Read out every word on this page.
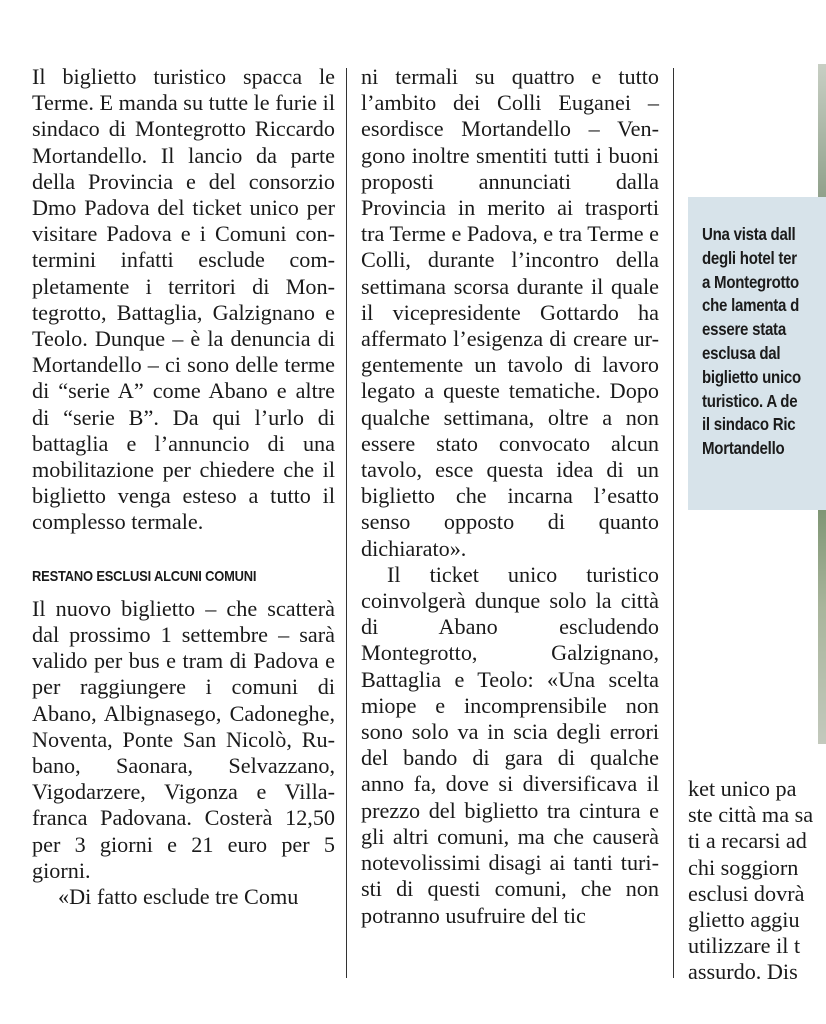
Il biglietto turistico spacca le Terme. E manda su tutte le furie il sindaco di Montegrotto Riccardo Mortandello. Il lancio da parte della Provincia e del consorzio Dmo Padova del ticket unico per visitare Padova e i Comuni contermini infatti esclude completamente i territori di Montegrotto, Battaglia, Galzignano e Teolo. Dunque – è la denuncia di Mortandello – ci sono delle terme di “serie A” come Abano e altre di “serie B”. Da qui l’urlo di battaglia e l’annuncio di una mobilitazione per chiedere che il biglietto venga esteso a tutto il complesso termale.

RESTANO ESCLUSI ALCUNI COMUNI

Il nuovo biglietto – che scatterà dal prossimo 1 settembre – sarà valido per bus e tram di Padova e per raggiungere i comuni di Abano, Albignasego, Cadoneghe, Noventa, Ponte San Nicolò, Rubano, Saonara, Selvazzano, Vigodarzere, Vigonza e Villafranca Padovana. Costerà 12,50 per 3 giorni e 21 euro per 5 giorni.

«Di fatto esclude tre Comu

ni termali su quattro e tutto l’ambito dei Colli Euganei – esordisce Mortandello – Vengono inoltre smentiti tutti i buoni proposti annunciati dalla Provincia in merito ai trasporti tra Terme e Padova, e tra Terme e Colli, durante l’incontro della settimana scorsa durante il quale il vicepresidente Gottardo ha affermato l’esigenza di creare urgentemente un tavolo di lavoro legato a queste tematiche. Dopo qualche settimana, oltre a non essere stato convocato alcun tavolo, esce questa idea di un biglietto che incarna l’esatto senso opposto di quanto dichiarato».

Il ticket unico turistico coinvolgerà dunque solo la città di Abano escludendo Montegrotto, Galzignano, Battaglia e Teolo: «Una scelta miope e incomprensibile non sono solo va in scia degli errori del bando di gara di qualche anno fa, dove si diversificava il prezzo del biglietto tra cintura e gli altri comuni, ma che causerà notevolissimi disagi ai tanti turisti di questi comuni, che non potranno usufruire del tic

Una vista dall
degli hotel ter
a Montegrotto
che lamenta d
essere stata
esclusa dal
biglietto unico
turistico. A de
il sindaco Ric
Mortandello
ket unico pa
ste città ma sa
ti a recarsi ad
chi soggiorn
esclusi dovrà
glietto aggiu
utilizzare il t
assurdo. Dis
